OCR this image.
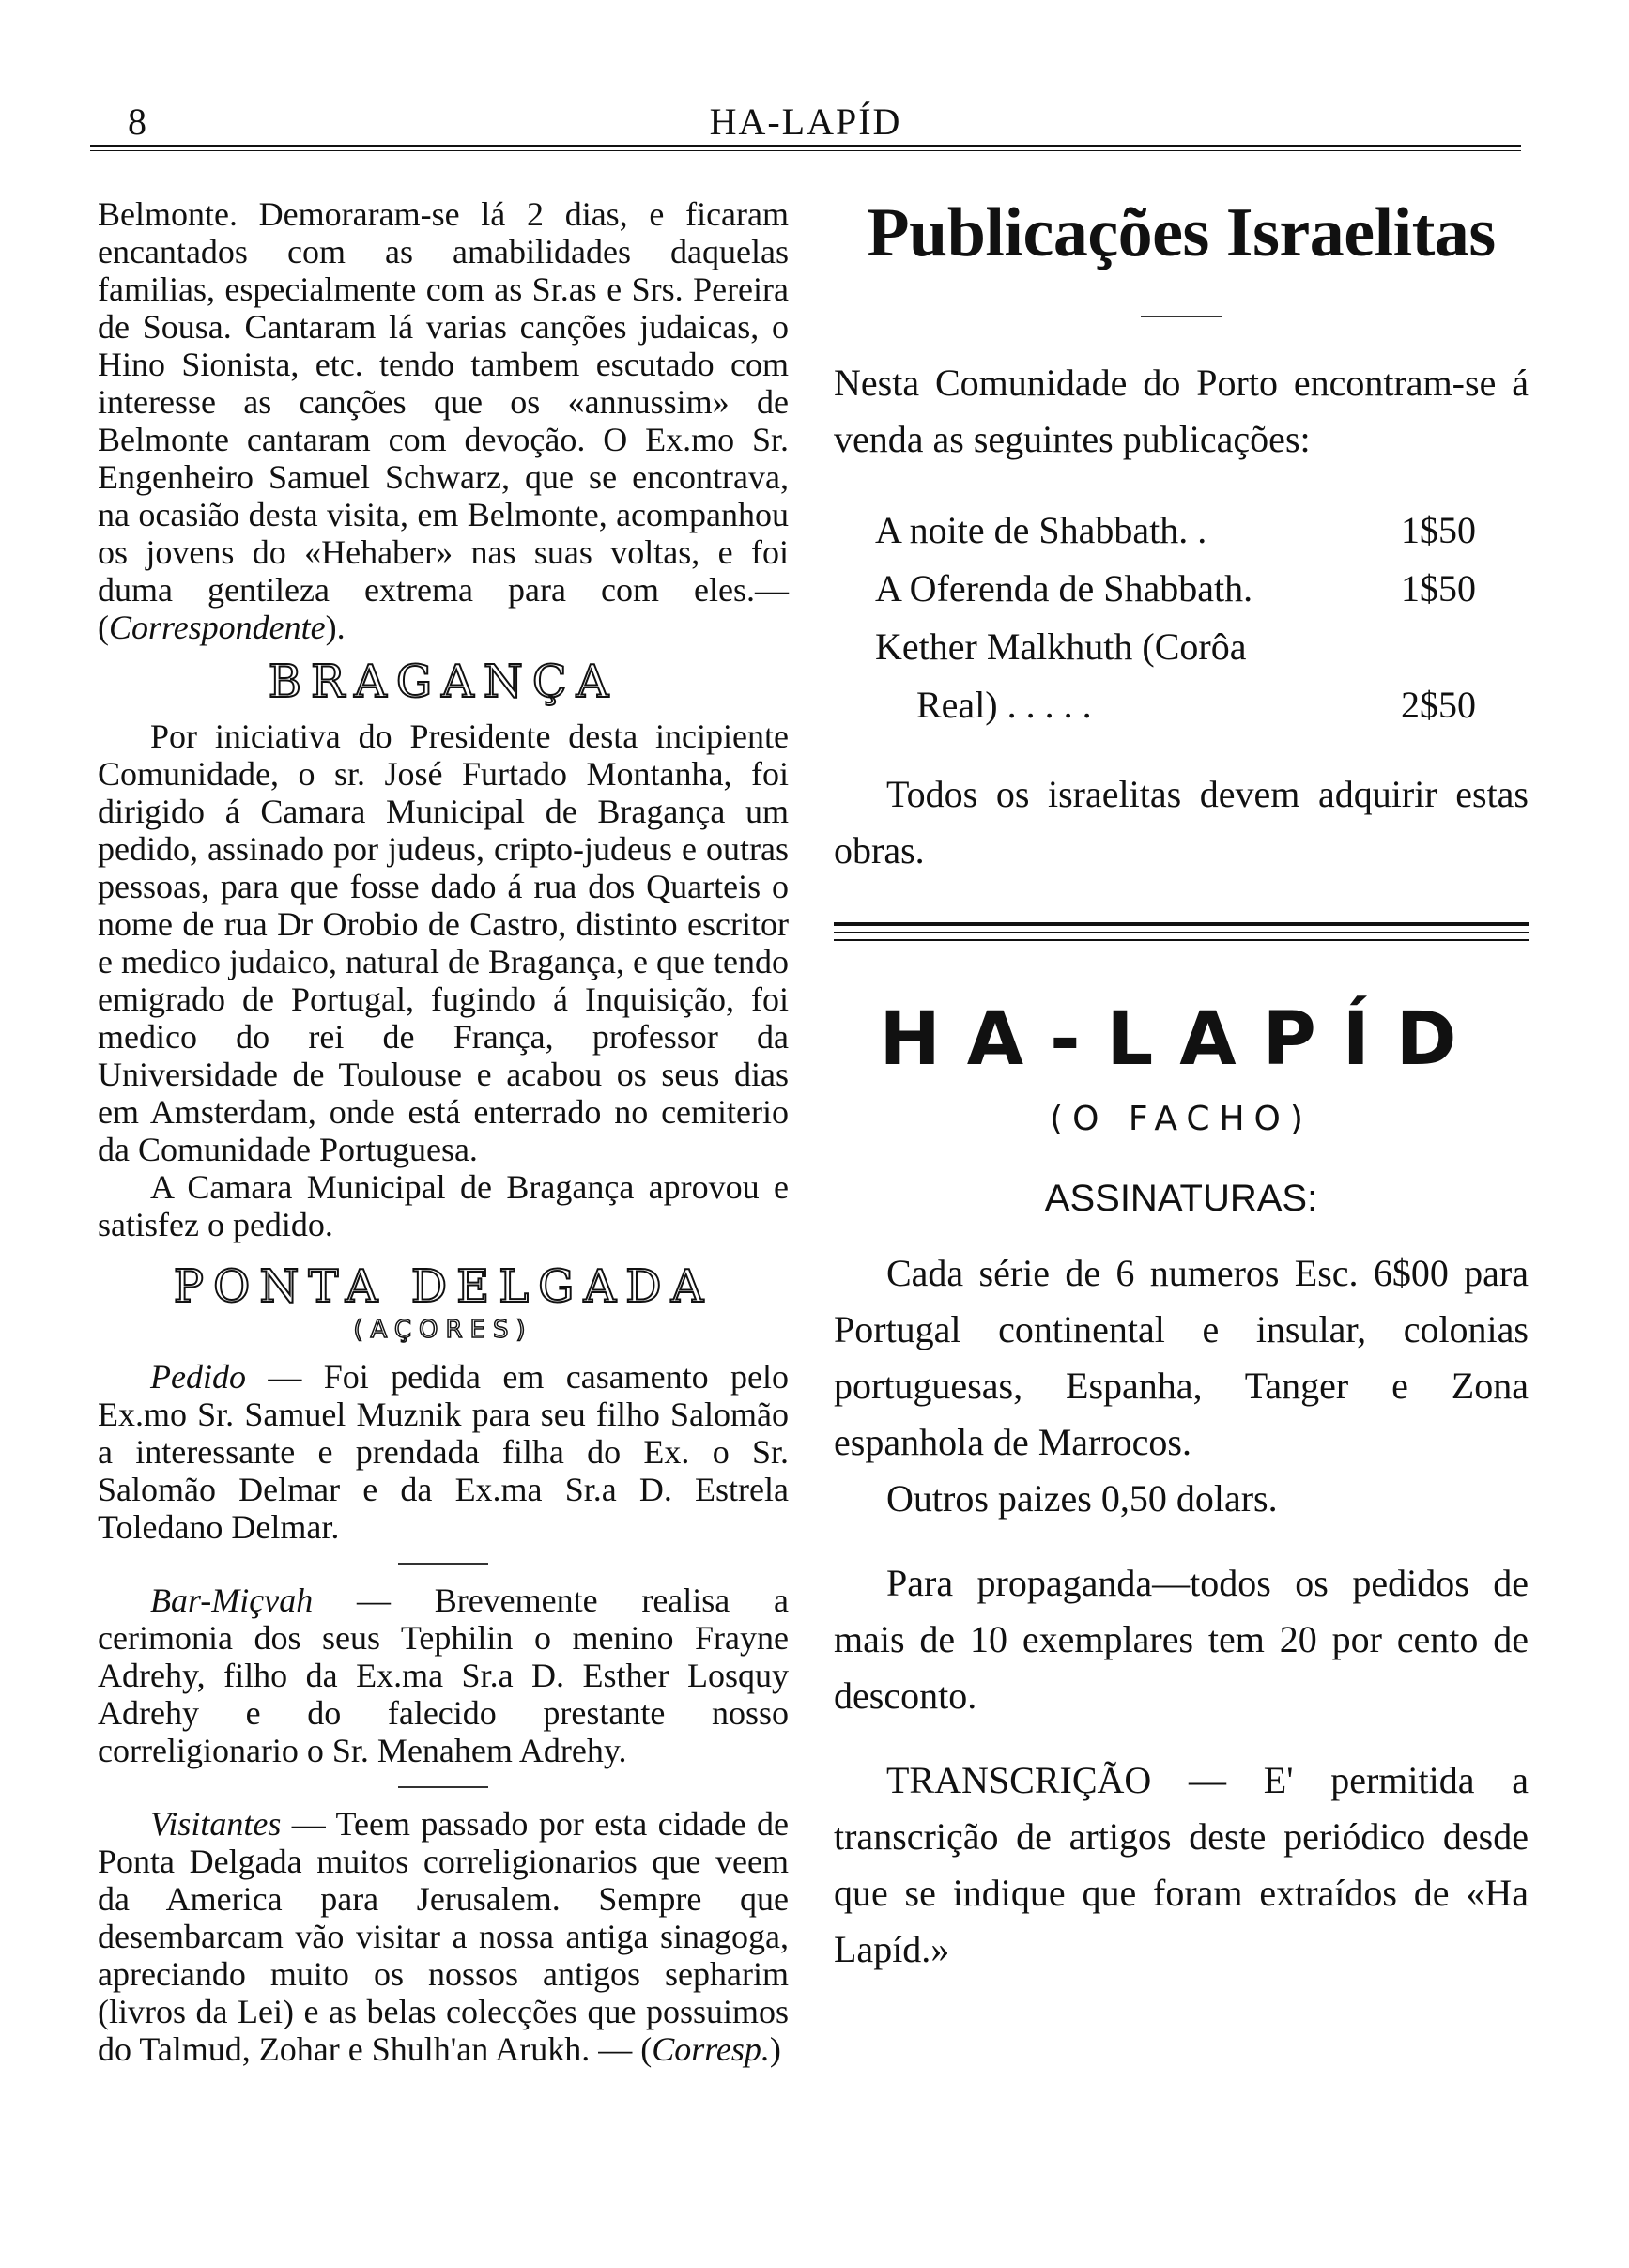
8	HA-LAPÍD

Belmonte. Demoraram-se lá 2 dias, e ficaram encantados com as amabilidades daquelas familias, especialmente com as Sr.as e Srs. Pereira de Sousa. Cantaram lá varias canções judaicas, o Hino Sionista, etc. tendo tambem escutado com interesse as canções que os «annussim» de Belmonte cantaram com devoção. O Ex.mo Sr. Engenheiro Samuel Schwarz, que se encontrava, na ocasião desta visita, em Belmonte, acompanhou os jovens do «Hehaber» nas suas voltas, e foi duma gentileza extrema para com eles.—(Correspondente).

BRAGANÇA

Por iniciativa do Presidente desta incipiente Comunidade, o sr. José Furtado Montanha, foi dirigido á Camara Municipal de Bragança um pedido, assinado por judeus, cripto-judeus e outras pessoas, para que fosse dado á rua dos Quarteis o nome de rua Dr Orobio de Castro, distinto escritor e medico judaico, natural de Bragança, e que tendo emigrado de Portugal, fugindo á Inquisição, foi medico do rei de França, professor da Universidade de Toulouse e acabou os seus dias em Amsterdam, onde está enterrado no cemiterio da Comunidade Portuguesa.

A Camara Municipal de Bragança aprovou e satisfez o pedido.

PONTA DELGADA
(AÇORES)

Pedido — Foi pedida em casamento pelo Ex.mo Sr. Samuel Muznik para seu filho Salomão a interessante e prendada filha do Ex. o Sr. Salomão Delmar e da Ex.ma Sr.a D. Estrela Toledano Delmar.

Bar-Miçvah — Brevemente realisa a cerimonia dos seus Tephilin o menino Frayne Adrehy, filho da Ex.ma Sr.a D. Esther Losquy Adrehy e do falecido prestante nosso correligionario o Sr. Menahem Adrehy.

Visitantes — Teem passado por esta cidade de Ponta Delgada muitos correligionarios que veem da America para Jerusalem. Sempre que desembarcam vão visitar a nossa antiga sinagoga, apreciando muito os nossos antigos sepharim (livros da Lei) e as belas colecções que possuimos do Talmud, Zohar e Shulh'an Arukh. — (Corresp.)

Publicações Israelitas

Nesta Comunidade do Porto encontram-se á venda as seguintes publicações:

A noite de Shabbath. .	1$50
A Oferenda de Shabbath.	1$50
Kether Malkhuth (Corôa
Real) . . . . .	2$50

Todos os israelitas devem adquirir estas obras.

HA-LAPÍD
(O FACHO)
ASSINATURAS:

Cada série de 6 numeros Esc. 6$00 para Portugal continental e insular, colonias portuguesas, Espanha, Tanger e Zona espanhola de Marrocos.

Outros paizes 0,50 dolars.

Para propaganda—todos os pedidos de mais de 10 exemplares tem 20 por cento de desconto.

TRANSCRIÇÃO — E' permitida a transcrição de artigos deste periódico desde que se indique que foram extraídos de «Ha Lapíd.»
